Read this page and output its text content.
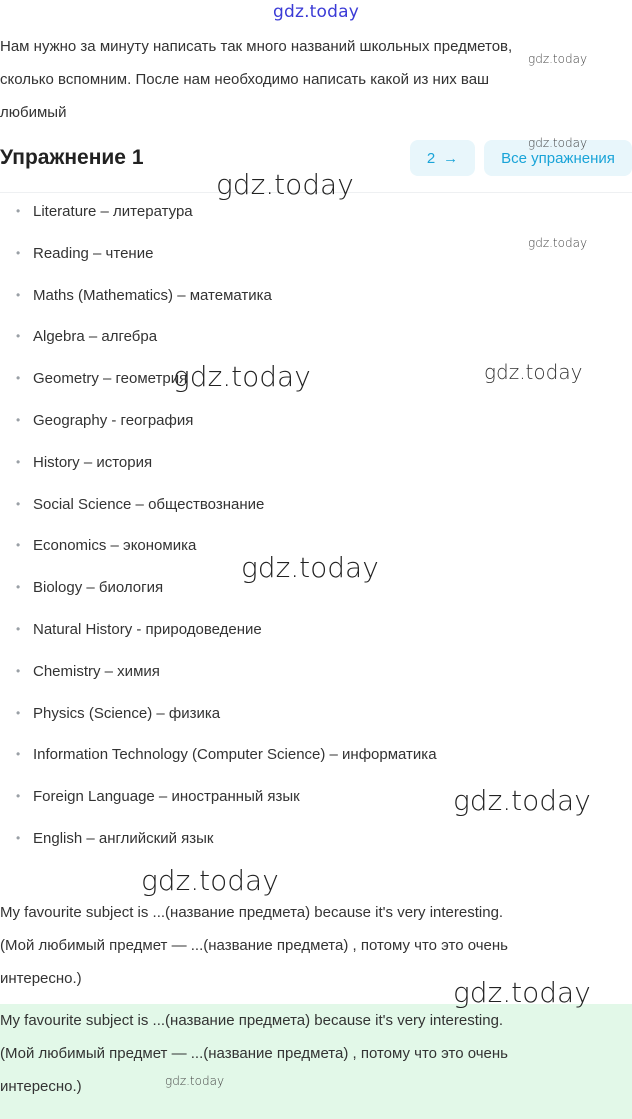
gdz.today
Нам нужно за минуту написать так много названий школьных предметов,
сколько вспомним. После нам необходимо написать какой из них ваш
любимый
• Literature – литература
• Reading – чтение
• Maths (Mathematics) – математика
• Algebra – алгебра
• Geometry – геометрия
• Geography - география
• History – история
• Social Science – обществознание
• Economics – экономика
• Biology – биология
• Natural History - природоведение
• Chemistry – химия
• Physics (Science) – физика
• Information Technology (Computer Science) – информатика
• Foreign Language – иностранный язык
• English – английский язык
Упражнение 1	2 →	Все упражнения

My favourite subject is ...(название предмета) because it's very interesting.

(Мой любимый предмет — ...(название предмета) , потому что это очень

интересно.)

My favourite subject is ...(название предмета) because it's very interesting.

(Мой любимый предмет — ...(название предмета) , потому что это очень

интересно.)

gdz.today
gdz.today
gdz.today
gdz.today
gdz.today	gdz.today
gdz.today
gdz.today
gdz.today
gdz.today
gdz.today
